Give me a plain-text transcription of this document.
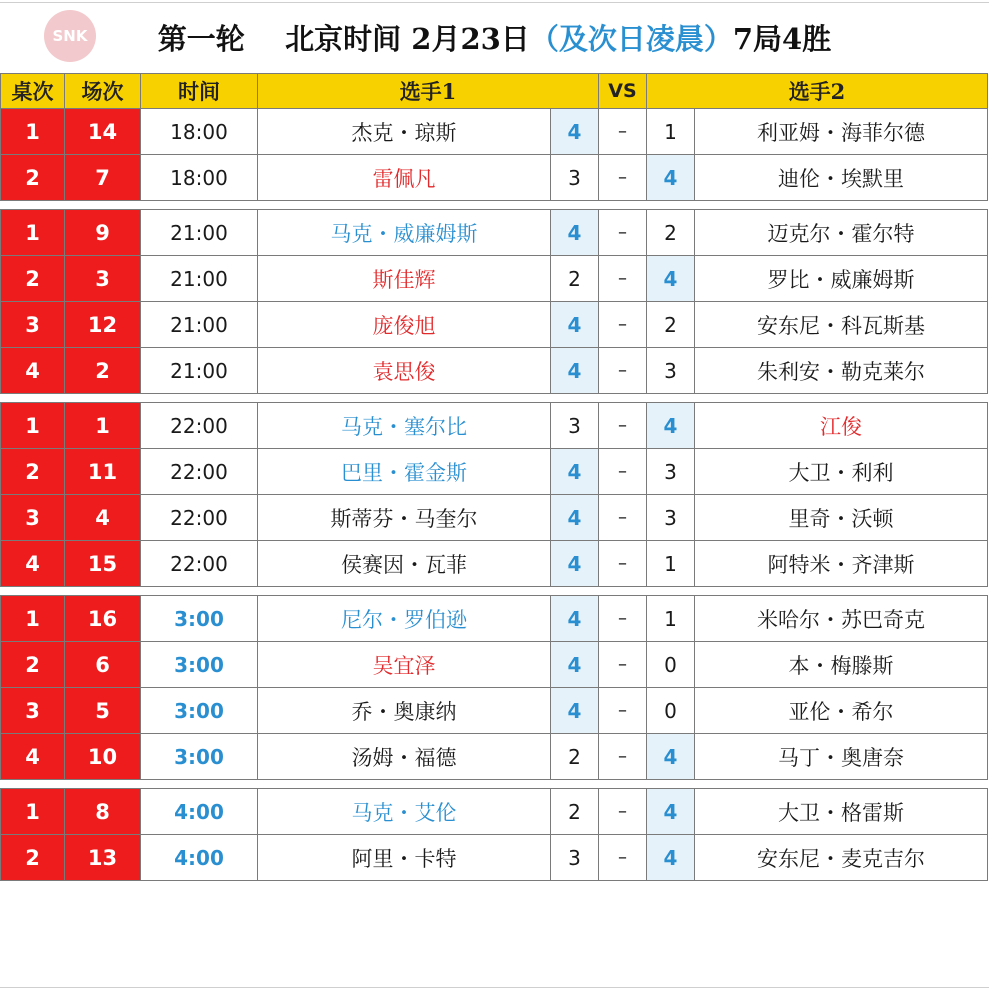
SNK 第一轮
北京时间 2月23日 （ 及次日凌晨 ） 7局4胜
桌次	场次	时间	选手1		VS	选手2	
1	14	18:00	杰克・琼斯	4	–	1	利亚姆・海菲尔德
2	7	18:00	雷佩凡	3	–	4	迪伦・埃默里

1	9	21:00	马克・威廉姆斯	4	–	2	迈克尔・霍尔特
2	3	21:00	斯佳辉	2	–	4	罗比・威廉姆斯
3	12	21:00	庞俊旭	4	–	2	安东尼・科瓦斯基
4	2	21:00	袁思俊	4	–	3	朱利安・勒克莱尔

1	1	22:00	马克・塞尔比	3	–	4	江俊
2	11	22:00	巴里・霍金斯	4	–	3	大卫・利利
3	4	22:00	斯蒂芬・马奎尔	4	–	3	里奇・沃顿
4	15	22:00	侯赛因・瓦菲	4	–	1	阿特米・齐津斯

1	16	3:00	尼尔・罗伯逊	4	–	1	米哈尔・苏巴奇克
2	6	3:00	吴宜泽	4	–	0	本・梅滕斯
3	5	3:00	乔・奥康纳	4	–	0	亚伦・希尔
4	10	3:00	汤姆・福德	2	–	4	马丁・奥唐奈

1	8	4:00	马克・艾伦	2	–	4	大卫・格雷斯
2	13	4:00	阿里・卡特	3	–	4	安东尼・麦克吉尔
